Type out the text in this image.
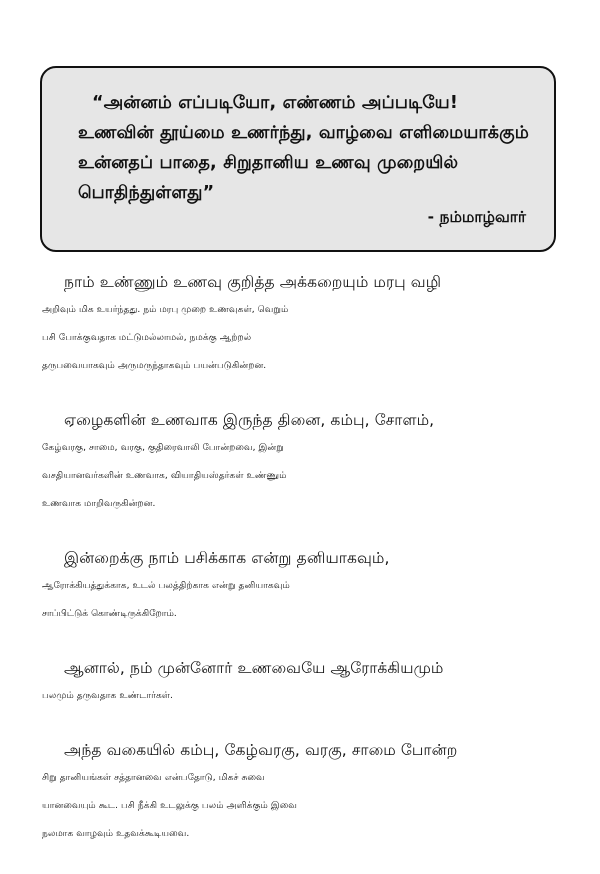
“அன்னம் எப்படியோ, எண்ணம் அப்படியே!
உணவின் தூய்மை உணர்ந்து, வாழ்வை எளிமையாக்கும்
உன்னதப் பாதை, சிறுதானிய உணவு முறையில்
பொதிந்துள்ளது”
- நம்மாழ்வார்
நாம் உண்ணும் உணவு குறித்த அக்கறையும் மரபு வழி
அறிவும் மிக உயர்ந்தது. நம் மரபு முறை உணவுகள், வெறும்
பசி போக்குவதாக மட்டுமல்லாமல், நமக்கு ஆற்றல்
தருபவையாகவும் அருமருந்தாகவும் பயன்படுகின்றன.
ஏழைகளின் உணவாக இருந்த தினை, கம்பு, சோளம்,
கேழ்வரகு, சாமை, வரகு, குதிரைவாலி போன்றவை, இன்று
வசதியானவர்களின் உணவாக, வியாதியஸ்தர்கள் உண்ணும்
உணவாக மாறிவருகின்றன.
இன்றைக்கு நாம் பசிக்காக என்று தனியாகவும்,
ஆரோக்கியத்துக்காக, உடல் பலத்திற்காக என்று தனியாகவும்
சாப்பிட்டுக் கொண்டிருக்கிறோம்.
ஆனால், நம் முன்னோர் உணவையே ஆரோக்கியமும்
பலமும் தருவதாக உண்டார்கள்.
அந்த வகையில் கம்பு, கேழ்வரகு, வரகு, சாமை போன்ற
சிறு தானியங்கள் சத்தானவை என்பதோடு, மிகச் சுவை
யானவையும் கூட. பசி நீக்கி உடலுக்கு பலம் அளிக்கும் இவை
நலமாக வாழவும் உதவக்கூடியவை.
